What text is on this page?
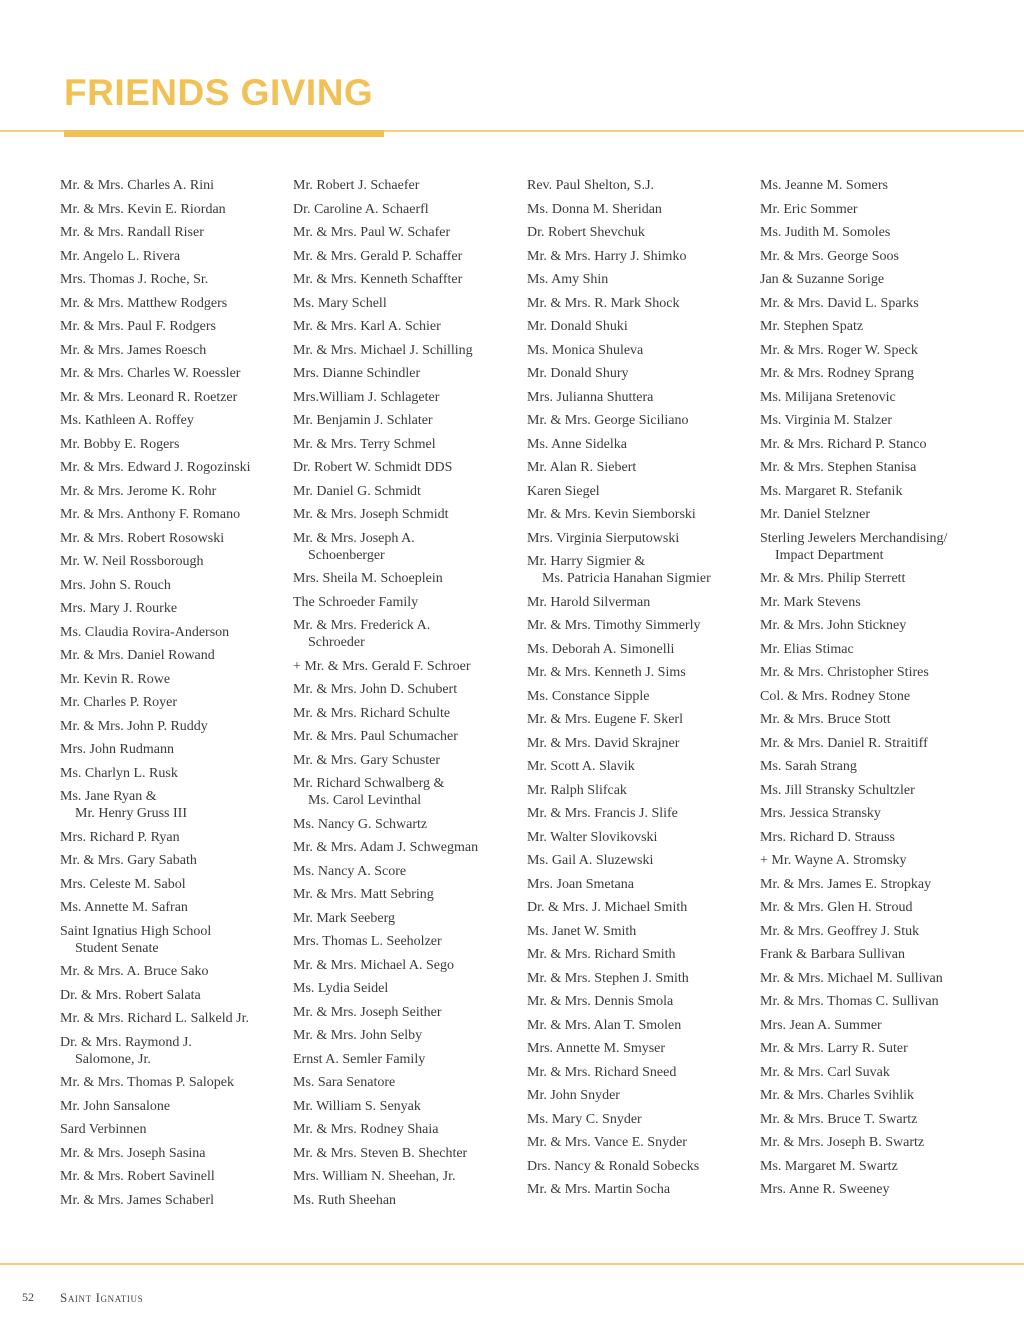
FRIENDS GIVING
Mr. & Mrs. Charles A. Rini
Mr. & Mrs. Kevin E. Riordan
Mr. & Mrs. Randall Riser
Mr. Angelo L. Rivera
Mrs. Thomas J. Roche, Sr.
Mr. & Mrs. Matthew Rodgers
Mr. & Mrs. Paul F. Rodgers
Mr. & Mrs. James Roesch
Mr. & Mrs. Charles W. Roessler
Mr. & Mrs. Leonard R. Roetzer
Ms. Kathleen A. Roffey
Mr. Bobby E. Rogers
Mr. & Mrs. Edward J. Rogozinski
Mr. & Mrs. Jerome K. Rohr
Mr. & Mrs. Anthony F. Romano
Mr. & Mrs. Robert Rosowski
Mr. W. Neil Rossborough
Mrs. John S. Rouch
Mrs. Mary J. Rourke
Ms. Claudia Rovira-Anderson
Mr. & Mrs. Daniel Rowand
Mr. Kevin R. Rowe
Mr. Charles P. Royer
Mr. & Mrs. John P. Ruddy
Mrs. John Rudmann
Ms. Charlyn L. Rusk
Ms. Jane Ryan &
Mr. Henry Gruss III
Mrs. Richard P. Ryan
Mr. & Mrs. Gary Sabath
Mrs. Celeste M. Sabol
Ms. Annette M. Safran
Saint Ignatius High School
Student Senate
Mr. & Mrs. A. Bruce Sako
Dr. & Mrs. Robert Salata
Mr. & Mrs. Richard L. Salkeld Jr.
Dr. & Mrs. Raymond J.
Salomone, Jr.
Mr. & Mrs. Thomas P. Salopek
Mr. John Sansalone
Sard Verbinnen
Mr. & Mrs. Joseph Sasina
Mr. & Mrs. Robert Savinell
Mr. & Mrs. James Schaberl
Mr. Robert J. Schaefer
Dr. Caroline A. Schaerfl
Mr. & Mrs. Paul W. Schafer
Mr. & Mrs. Gerald P. Schaffer
Mr. & Mrs. Kenneth Schaffter
Ms. Mary Schell
Mr. & Mrs. Karl A. Schier
Mr. & Mrs. Michael J. Schilling
Mrs. Dianne Schindler
Mrs.William J. Schlageter
Mr. Benjamin J. Schlater
Mr. & Mrs. Terry Schmel
Dr. Robert W. Schmidt DDS
Mr. Daniel G. Schmidt
Mr. & Mrs. Joseph Schmidt
Mr. & Mrs. Joseph A.
Schoenberger
Mrs. Sheila M. Schoeplein
The Schroeder Family
Mr. & Mrs. Frederick A.
Schroeder
+ Mr. & Mrs. Gerald F. Schroer
Mr. & Mrs. John D. Schubert
Mr. & Mrs. Richard Schulte
Mr. & Mrs. Paul Schumacher
Mr. & Mrs. Gary Schuster
Mr. Richard Schwalberg &
Ms. Carol Levinthal
Ms. Nancy G. Schwartz
Mr. & Mrs. Adam J. Schwegman
Ms. Nancy A. Score
Mr. & Mrs. Matt Sebring
Mr. Mark Seeberg
Mrs. Thomas L. Seeholzer
Mr. & Mrs. Michael A. Sego
Ms. Lydia Seidel
Mr. & Mrs. Joseph Seither
Mr. & Mrs. John Selby
Ernst A. Semler Family
Ms. Sara Senatore
Mr. William S. Senyak
Mr. & Mrs. Rodney Shaia
Mr. & Mrs. Steven B. Shechter
Mrs. William N. Sheehan, Jr.
Ms. Ruth Sheehan
Rev. Paul Shelton, S.J.
Ms. Donna M. Sheridan
Dr. Robert Shevchuk
Mr. & Mrs. Harry J. Shimko
Ms. Amy Shin
Mr. & Mrs. R. Mark Shock
Mr. Donald Shuki
Ms. Monica Shuleva
Mr. Donald Shury
Mrs. Julianna Shuttera
Mr. & Mrs. George Siciliano
Ms. Anne Sidelka
Mr. Alan R. Siebert
Karen Siegel
Mr. & Mrs. Kevin Siemborski
Mrs. Virginia Sierputowski
Mr. Harry Sigmier &
Ms. Patricia Hanahan Sigmier
Mr. Harold Silverman
Mr. & Mrs. Timothy Simmerly
Ms. Deborah A. Simonelli
Mr. & Mrs. Kenneth J. Sims
Ms. Constance Sipple
Mr. & Mrs. Eugene F. Skerl
Mr. & Mrs. David Skrajner
Mr. Scott A. Slavik
Mr. Ralph Slifcak
Mr. & Mrs. Francis J. Slife
Mr. Walter Slovikovski
Ms. Gail A. Sluzewski
Mrs. Joan Smetana
Dr. & Mrs. J. Michael Smith
Ms. Janet W. Smith
Mr. & Mrs. Richard Smith
Mr. & Mrs. Stephen J. Smith
Mr. & Mrs. Dennis Smola
Mr. & Mrs. Alan T. Smolen
Mrs. Annette M. Smyser
Mr. & Mrs. Richard Sneed
Mr. John Snyder
Ms. Mary C. Snyder
Mr. & Mrs. Vance E. Snyder
Drs. Nancy & Ronald Sobecks
Mr. & Mrs. Martin Socha
Ms. Jeanne M. Somers
Mr. Eric Sommer
Ms. Judith M. Somoles
Mr. & Mrs. George Soos
Jan & Suzanne Sorige
Mr. & Mrs. David L. Sparks
Mr. Stephen Spatz
Mr. & Mrs. Roger W. Speck
Mr. & Mrs. Rodney Sprang
Ms. Milijana Sretenovic
Ms. Virginia M. Stalzer
Mr. & Mrs. Richard P. Stanco
Mr. & Mrs. Stephen Stanisa
Ms. Margaret R. Stefanik
Mr. Daniel Stelzner
Sterling Jewelers Merchandising/
Impact Department
Mr. & Mrs. Philip Sterrett
Mr. Mark Stevens
Mr. & Mrs. John Stickney
Mr. Elias Stimac
Mr. & Mrs. Christopher Stires
Col. & Mrs. Rodney Stone
Mr. & Mrs. Bruce Stott
Mr. & Mrs. Daniel R. Straitiff
Ms. Sarah Strang
Ms. Jill Stransky Schultzler
Mrs. Jessica Stransky
Mrs. Richard D. Strauss
+ Mr. Wayne A. Stromsky
Mr. & Mrs. James E. Stropkay
Mr. & Mrs. Glen H. Stroud
Mr. & Mrs. Geoffrey J. Stuk
Frank & Barbara Sullivan
Mr. & Mrs. Michael M. Sullivan
Mr. & Mrs. Thomas C. Sullivan
Mrs. Jean A. Summer
Mr. & Mrs. Larry R. Suter
Mr. & Mrs. Carl Suvak
Mr. & Mrs. Charles Svihlik
Mr. & Mrs. Bruce T. Swartz
Mr. & Mrs. Joseph B. Swartz
Ms. Margaret M. Swartz
Mrs. Anne R. Sweeney
52 Saint Ignatius
